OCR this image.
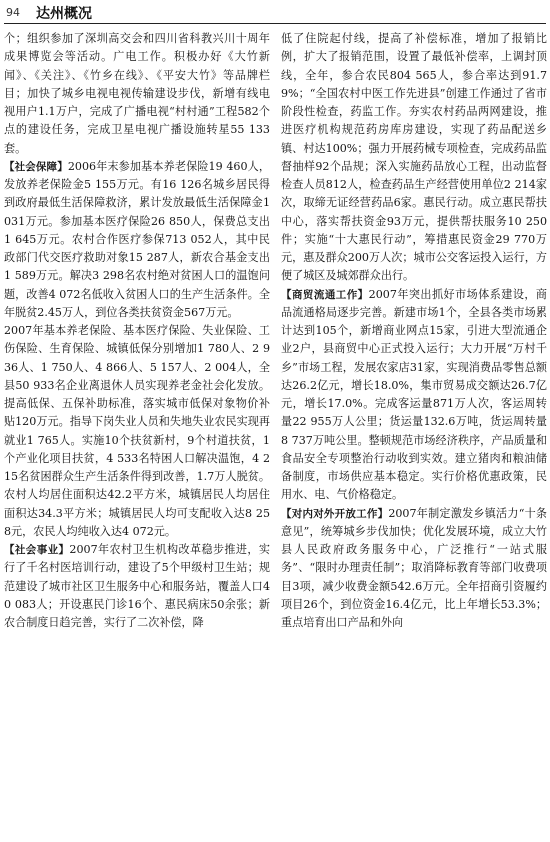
94 达州概况

个；组织参加了深圳高交会和四川省科教兴川十周年成果博览会等活动。广电工作。积极办好《大竹新闻》、《关注》、《竹乡在线》、《平安大竹》等品牌栏目；加快了城乡电视电视传输建设步伐，新增有线电视用户1.1万户，完成了广播电视“村村通”工程582个点的建设任务，完成卫星电视广播设施转星55 133套。

【社会保障】2006年末参加基本养老保险19 460人，发放养老保险金5 155万元。有16 126名城乡居民得到政府最低生活保障救济，累计发放最低生活保障金1 031万元。参加基本医疗保险26 850人，保费总支出1 645万元。农村合作医疗参保713 052人，其中民政部门代交医疗救助对象15 287人，新农合基金支出1 589万元。解决3 298名农村绝对贫困人口的温饱问题，改善4 072名低收入贫困人口的生产生活条件。全年脱贫2.45万人，到位各类扶贫资金567万元。

2007年基本养老保险、基本医疗保险、失业保险、工伤保险、生育保险、城镇低保分别增加1 780人、2 936人、1 750人、4 866人、5 157人、2 004人，全县50 933名企业离退休人员实现养老金社会化发放。提高低保、五保补助标准，落实城市低保对象物价补贴120万元。指导下岗失业人员和失地失业农民实现再就业1 765人。实施10个扶贫新村，9个村道扶贫，1个产业化项目扶贫，4 533名特困人口解决温饱，4 215名贫困群众生产生活条件得到改善，1.7万人脱贫。农村人均居住面积达42.2平方米，城镇居民人均居住面积达34.3平方米；城镇居民人均可支配收入达8 258元，农民人均纯收入达4 072元。

【社会事业】2007年农村卫生机构改革稳步推进，实行了千名村医培训行动，建设了5个甲级村卫生站；规范建设了城市社区卫生服务中心和服务站，覆盖人口40 083人；开设惠民门诊16个、惠民病床50余张；新农合制度日趋完善，实行了二次补偿，降

低了住院起付线，提高了补偿标准，增加了报销比例，扩大了报销范围，设置了最低补偿率，上调封顶线，全年，参合农民804 565人，参合率达到91.79%；“全国农村中医工作先进县”创建工作通过了省市阶段性检查，药监工作。夯实农村药品两网建设，推进医疗机构规范药房库房建设，实现了药品配送乡镇、村达100%；强力开展药械专项检查，完成药品监督抽样92个品规；深入实施药品放心工程，出动监督检查人员812人，检查药品生产经营使用单位2 214家次，取缔无证经营药品6家。惠民行动。成立惠民帮扶中心，落实帮扶资金93万元，提供帮扶服务10 250件；实施“十大惠民行动”，筹措惠民资金29 770万元，惠及群众200万人次；城市公交客运投入运行，方便了城区及城郊群众出行。

【商贸流通工作】2007年突出抓好市场体系建设，商品流通格局逐步完善。新建市场1个，全县各类市场累计达到105个，新增商业网点15家，引进大型流通企业2户，县商贸中心正式投入运行；大力开展“万村千乡”市场工程，发展农家店31家，实现消费品零售总额达26.2亿元，增长18.0%，集市贸易成交额达26.7亿元，增长17.0%。完成客运量871万人次，客运周转量22 955万人公里；货运量132.6万吨，货运周转量8 737万吨公里。整顿规范市场经济秩序，产品质量和食品安全专项整治行动收到实效。建立猪肉和粮油储备制度，市场供应基本稳定。实行价格优惠政策，民用水、电、气价格稳定。

【对内对外开放工作】2007年制定激发乡镇活力“十条意见”，统筹城乡步伐加快；优化发展环境，成立大竹县人民政府政务服务中心，广泛推行“一站式服务”、“限时办理责任制”；取消降标教育等部门收费项目3项，减少收费金额542.6万元。全年招商引资履约项目26个，到位资金16.4亿元，比上年增长53.3%；重点培育出口产品和外向
